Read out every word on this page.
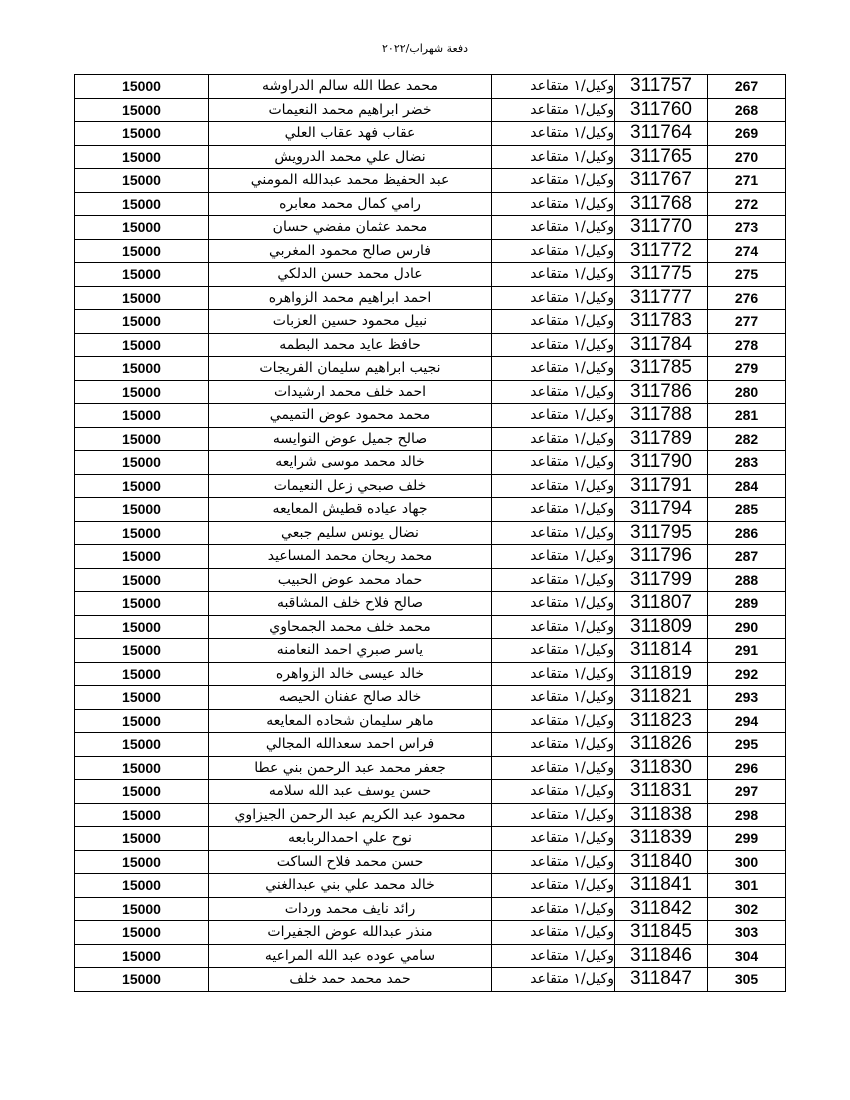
دفعة شهراب/٢٠٢٢
15000	محمد عطا الله سالم الدراوشه	وكيل/١ متقاعد	311757	267
15000	خضر ابراهيم محمد النعيمات	وكيل/١ متقاعد	311760	268
15000	عقاب فهد عقاب العلي	وكيل/١ متقاعد	311764	269
15000	نضال علي محمد الدرويش	وكيل/١ متقاعد	311765	270
15000	عبد الحفيظ محمد عبدالله المومني	وكيل/١ متقاعد	311767	271
15000	رامي كمال محمد معابره	وكيل/١ متقاعد	311768	272
15000	محمد عثمان مفضي حسان	وكيل/١ متقاعد	311770	273
15000	فارس صالح محمود المغربي	وكيل/١ متقاعد	311772	274
15000	عادل محمد حسن الدلكي	وكيل/١ متقاعد	311775	275
15000	احمد ابراهيم محمد الزواهره	وكيل/١ متقاعد	311777	276
15000	نبيل محمود حسين العزبات	وكيل/١ متقاعد	311783	277
15000	حافظ عايد محمد البطمه	وكيل/١ متقاعد	311784	278
15000	نجيب ابراهيم سليمان الفريجات	وكيل/١ متقاعد	311785	279
15000	احمد خلف محمد ارشيدات	وكيل/١ متقاعد	311786	280
15000	محمد محمود عوض التميمي	وكيل/١ متقاعد	311788	281
15000	صالح جميل عوض النوايسه	وكيل/١ متقاعد	311789	282
15000	خالد محمد موسى شرايعه	وكيل/١ متقاعد	311790	283
15000	خلف صبحي زعل النعيمات	وكيل/١ متقاعد	311791	284
15000	جهاد عياده قطيش المعايعه	وكيل/١ متقاعد	311794	285
15000	نضال يونس سليم جبعي	وكيل/١ متقاعد	311795	286
15000	محمد ريحان محمد المساعيد	وكيل/١ متقاعد	311796	287
15000	حماد محمد عوض الحبيب	وكيل/١ متقاعد	311799	288
15000	صالح فلاح خلف المشاقبه	وكيل/١ متقاعد	311807	289
15000	محمد خلف محمد الجمحاوي	وكيل/١ متقاعد	311809	290
15000	ياسر صبري احمد النعامنه	وكيل/١ متقاعد	311814	291
15000	خالد عيسى خالد الزواهره	وكيل/١ متقاعد	311819	292
15000	خالد صالح عفنان الحيصه	وكيل/١ متقاعد	311821	293
15000	ماهر سليمان شحاده المعايعه	وكيل/١ متقاعد	311823	294
15000	فراس احمد سعدالله المجالي	وكيل/١ متقاعد	311826	295
15000	جعفر محمد عبد الرحمن بني عطا	وكيل/١ متقاعد	311830	296
15000	حسن يوسف عبد الله سلامه	وكيل/١ متقاعد	311831	297
15000	محمود عبد الكريم عبد الرحمن الجيزاوي	وكيل/١ متقاعد	311838	298
15000	نوح علي احمدالربابعه	وكيل/١ متقاعد	311839	299
15000	حسن محمد فلاح الساكت	وكيل/١ متقاعد	311840	300
15000	خالد محمد علي بني عبدالغني	وكيل/١ متقاعد	311841	301
15000	رائد نايف محمد وردات	وكيل/١ متقاعد	311842	302
15000	منذر عبدالله عوض الجفيرات	وكيل/١ متقاعد	311845	303
15000	سامي عوده عبد الله المراعيه	وكيل/١ متقاعد	311846	304
15000	حمد محمد حمد خلف	وكيل/١ متقاعد	311847	305
